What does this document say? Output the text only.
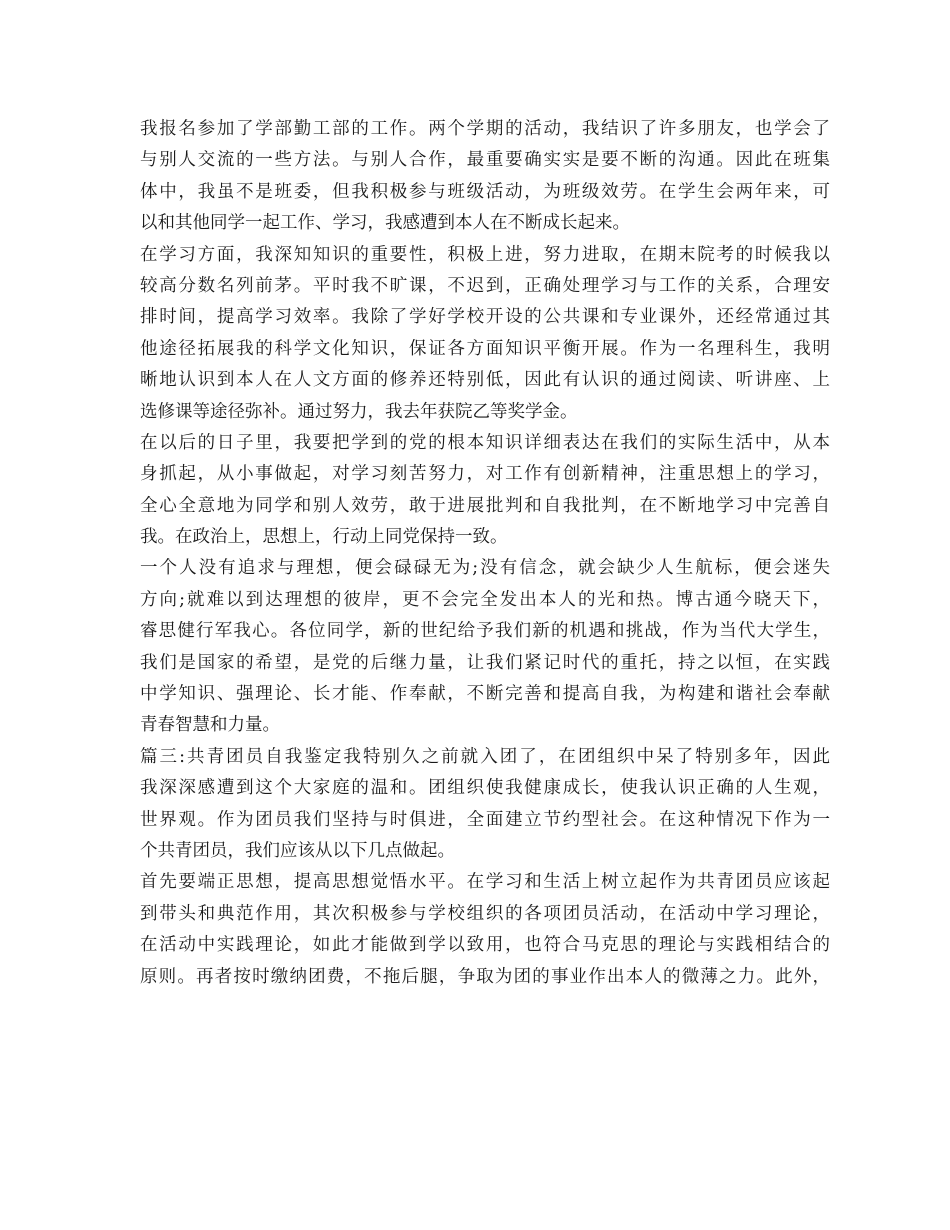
我报名参加了学部勤工部的工作。两个学期的活动，我结识了许多朋友，也学会了
与别人交流的一些方法。与别人合作，最重要确实实是要不断的沟通。因此在班集
体中，我虽不是班委，但我积极参与班级活动，为班级效劳。在学生会两年来，可
以和其他同学一起工作、学习，我感遭到本人在不断成长起来。
在学习方面，我深知知识的重要性，积极上进，努力进取，在期末院考的时候我以
较高分数名列前茅。平时我不旷课，不迟到，正确处理学习与工作的关系，合理安
排时间，提高学习效率。我除了学好学校开设的公共课和专业课外，还经常通过其
他途径拓展我的科学文化知识，保证各方面知识平衡开展。作为一名理科生，我明
晰地认识到本人在人文方面的修养还特别低，因此有认识的通过阅读、听讲座、上
选修课等途径弥补。通过努力，我去年获院乙等奖学金。
在以后的日子里，我要把学到的党的根本知识详细表达在我们的实际生活中，从本
身抓起，从小事做起，对学习刻苦努力，对工作有创新精神，注重思想上的学习，
全心全意地为同学和别人效劳，敢于进展批判和自我批判，在不断地学习中完善自
我。在政治上，思想上，行动上同党保持一致。
一个人没有追求与理想，便会碌碌无为;没有信念，就会缺少人生航标，便会迷失
方向;就难以到达理想的彼岸，更不会完全发出本人的光和热。博古通今晓天下，
睿思健行军我心。各位同学，新的世纪给予我们新的机遇和挑战，作为当代大学生，
我们是国家的希望，是党的后继力量，让我们紧记时代的重托，持之以恒，在实践
中学知识、强理论、长才能、作奉献，不断完善和提高自我，为构建和谐社会奉献
青春智慧和力量。
篇三:共青团员自我鉴定我特别久之前就入团了，在团组织中呆了特别多年，因此
我深深感遭到这个大家庭的温和。团组织使我健康成长，使我认识正确的人生观，
世界观。作为团员我们坚持与时俱进，全面建立节约型社会。在这种情况下作为一
个共青团员，我们应该从以下几点做起。
首先要端正思想，提高思想觉悟水平。在学习和生活上树立起作为共青团员应该起
到带头和典范作用，其次积极参与学校组织的各项团员活动，在活动中学习理论，
在活动中实践理论，如此才能做到学以致用，也符合马克思的理论与实践相结合的
原则。再者按时缴纳团费，不拖后腿，争取为团的事业作出本人的微薄之力。此外，
